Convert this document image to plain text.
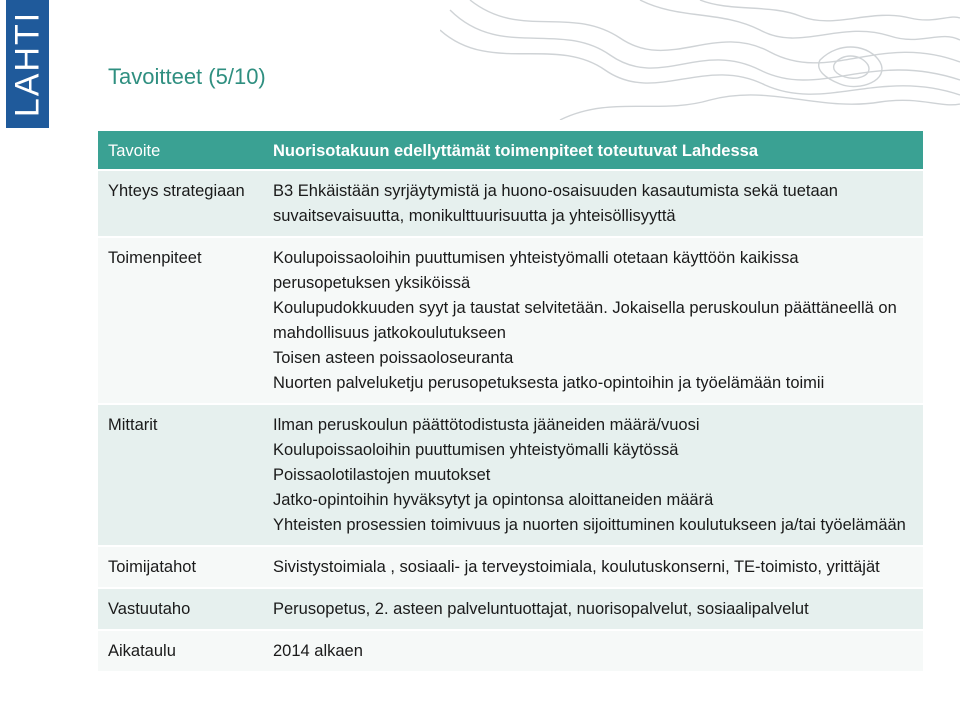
LAHTI	Tavoitteet (5/10)
Tavoite	Nuorisotakuun edellyttämät toimenpiteet toteutuvat Lahdessa
Yhteys strategiaan	B3 Ehkäistään syrjäytymistä ja huono-osaisuuden kasautumista sekä tuetaan suvaitsevaisuutta, monikulttuurisuutta ja yhteisöllisyyttä

Toimenpiteet	Koulupoissaoloihin puuttumisen yhteistyömalli otetaan käyttöön kaikissa perusopetuksen yksiköissä
Koulupudokkuuden syyt ja taustat selvitetään. Jokaisella peruskoulun päättäneellä on mahdollisuus jatkokoulutukseen
Toisen asteen poissaoloseuranta
Nuorten palveluketju perusopetuksesta jatko-opintoihin ja työelämään toimii

Mittarit	Ilman peruskoulun päättötodistusta jääneiden määrä/vuosi
Koulupoissaoloihin puuttumisen yhteistyömalli käytössä
Poissaolotilastojen muutokset
Jatko-opintoihin hyväksytyt ja opintonsa aloittaneiden määrä
Yhteisten prosessien toimivuus ja nuorten sijoittuminen koulutukseen ja/tai työelämään

Toimijatahot	Sivistystoimiala , sosiaali- ja terveystoimiala, koulutuskonserni, TE-toimisto, yrittäjät

Vastuutaho	Perusopetus, 2. asteen palveluntuottajat, nuorisopalvelut, sosiaalipalvelut

Aikataulu	2014 alkaen
